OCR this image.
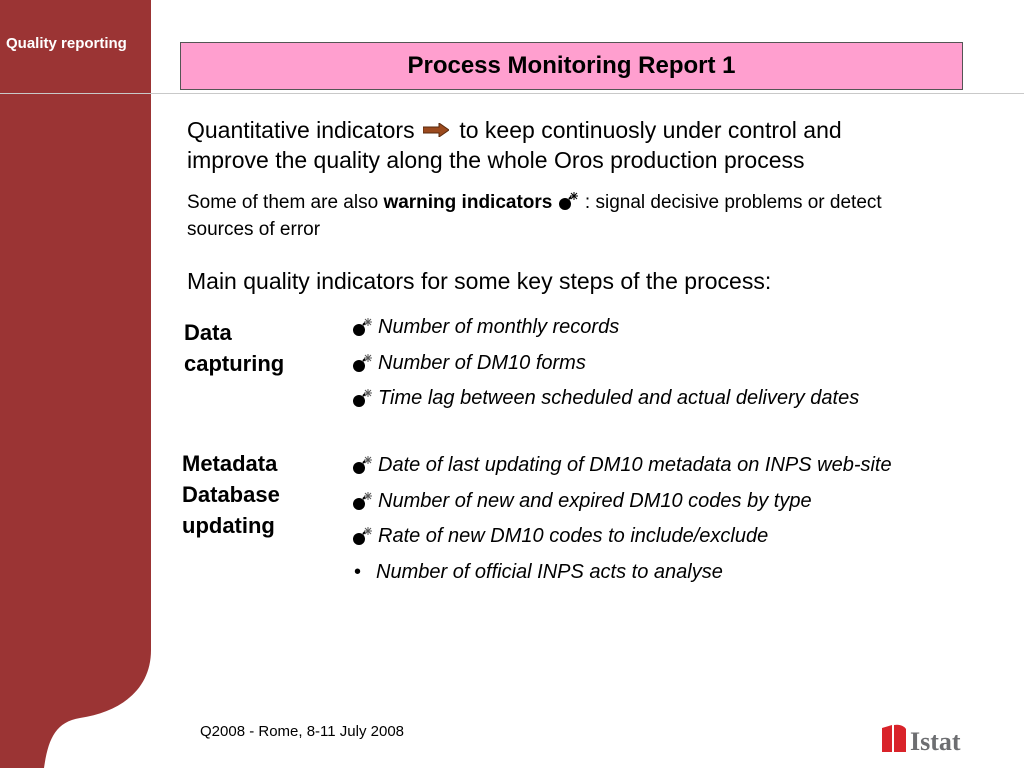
Quality reporting
Process Monitoring Report 1
Quantitative indicators  to keep continuosly under control and improve the quality along the whole Oros production process
Some of them are also warning indicators  : signal decisive problems or detect sources of error
Main quality indicators for some key steps of the process:
Data capturing
Number of monthly records
Number of DM10 forms
Time lag between scheduled and actual delivery dates
Metadata Database updating
Date of last updating of DM10 metadata on INPS web-site
Number of new and expired DM10 codes by type
Rate of new DM10 codes to include/exclude
• Number of official INPS acts to analyse
Q2008 - Rome, 8-11 July 2008	Istat
